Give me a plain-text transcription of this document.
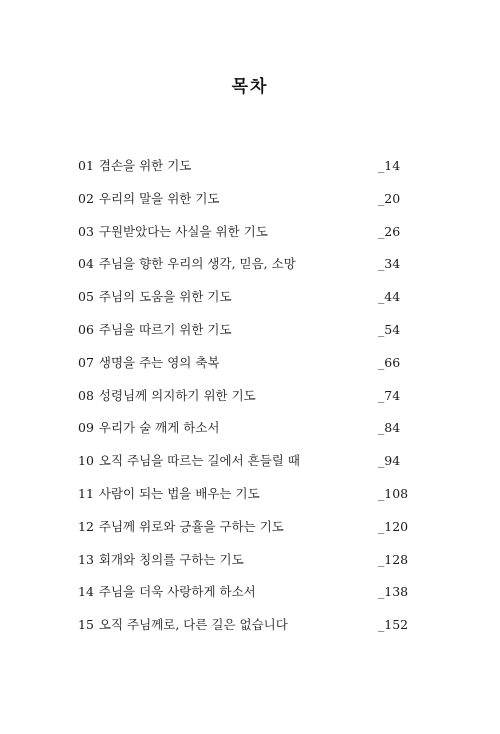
목차
01 겸손을 위한 기도	_14
02 우리의 말을 위한 기도	_20
03 구원받았다는 사실을 위한 기도	_26
04 주님을 향한 우리의 생각, 믿음, 소망	_34
05 주님의 도움을 위한 기도	_44
06 주님을 따르기 위한 기도	_54
07 생명을 주는 영의 축복	_66
08 성령님께 의지하기 위한 기도	_74
09 우리가 술 깨게 하소서	_84
10 오직 주님을 따르는 길에서 흔들릴 때	_94
11 사람이 되는 법을 배우는 기도	_108
12 주님께 위로와 긍휼을 구하는 기도	_120
13 회개와 칭의를 구하는 기도	_128
14 주님을 더욱 사랑하게 하소서	_138
15 오직 주님께로, 다른 길은 없습니다	_152
